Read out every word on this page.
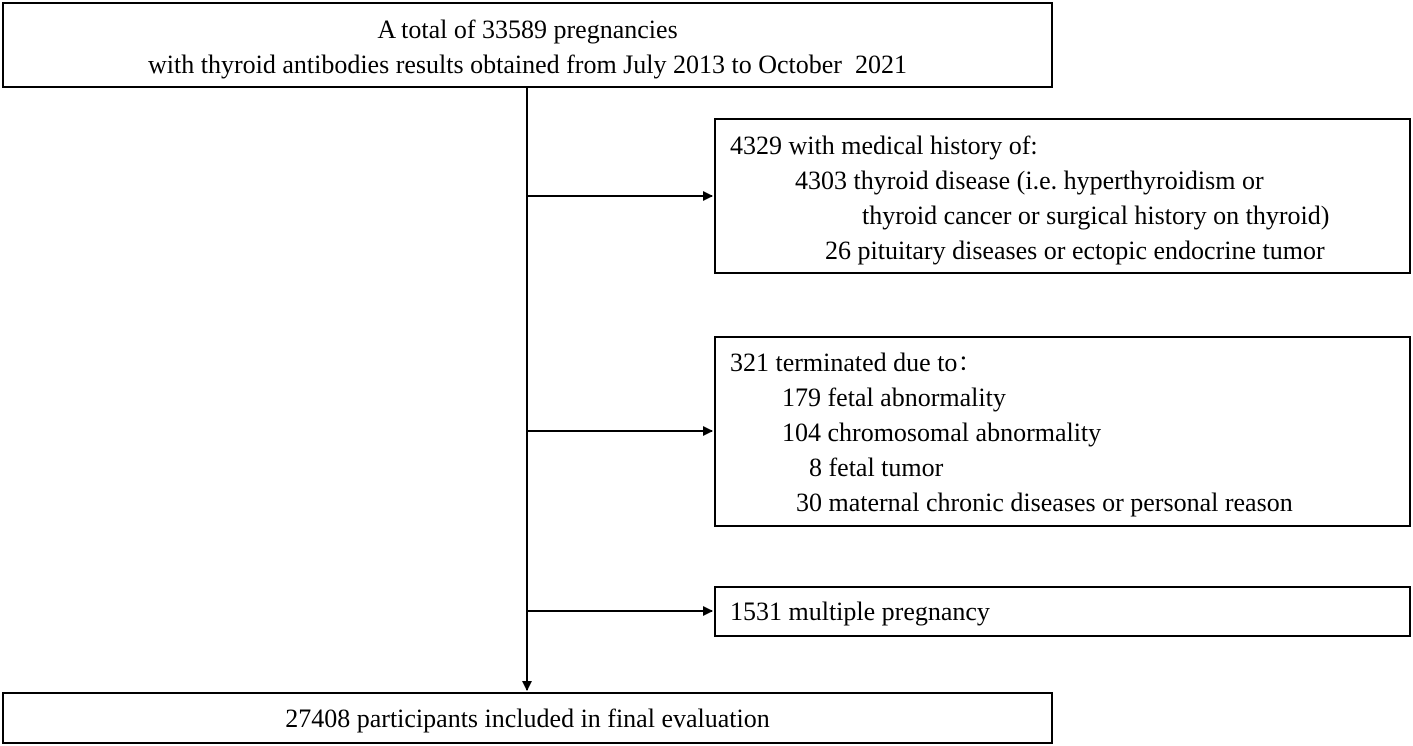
A total of 33589 pregnancies
with thyroid antibodies results obtained from July 2013 to October  2021
4329 with medical history of:
4303 thyroid disease (i.e. hyperthyroidism or
thyroid cancer or surgical history on thyroid)
26 pituitary diseases or ectopic endocrine tumor
321 terminated due to：
179 fetal abnormality
104 chromosomal abnormality
8 fetal tumor
30 maternal chronic diseases or personal reason
1531 multiple pregnancy
27408 participants included in final evaluation
